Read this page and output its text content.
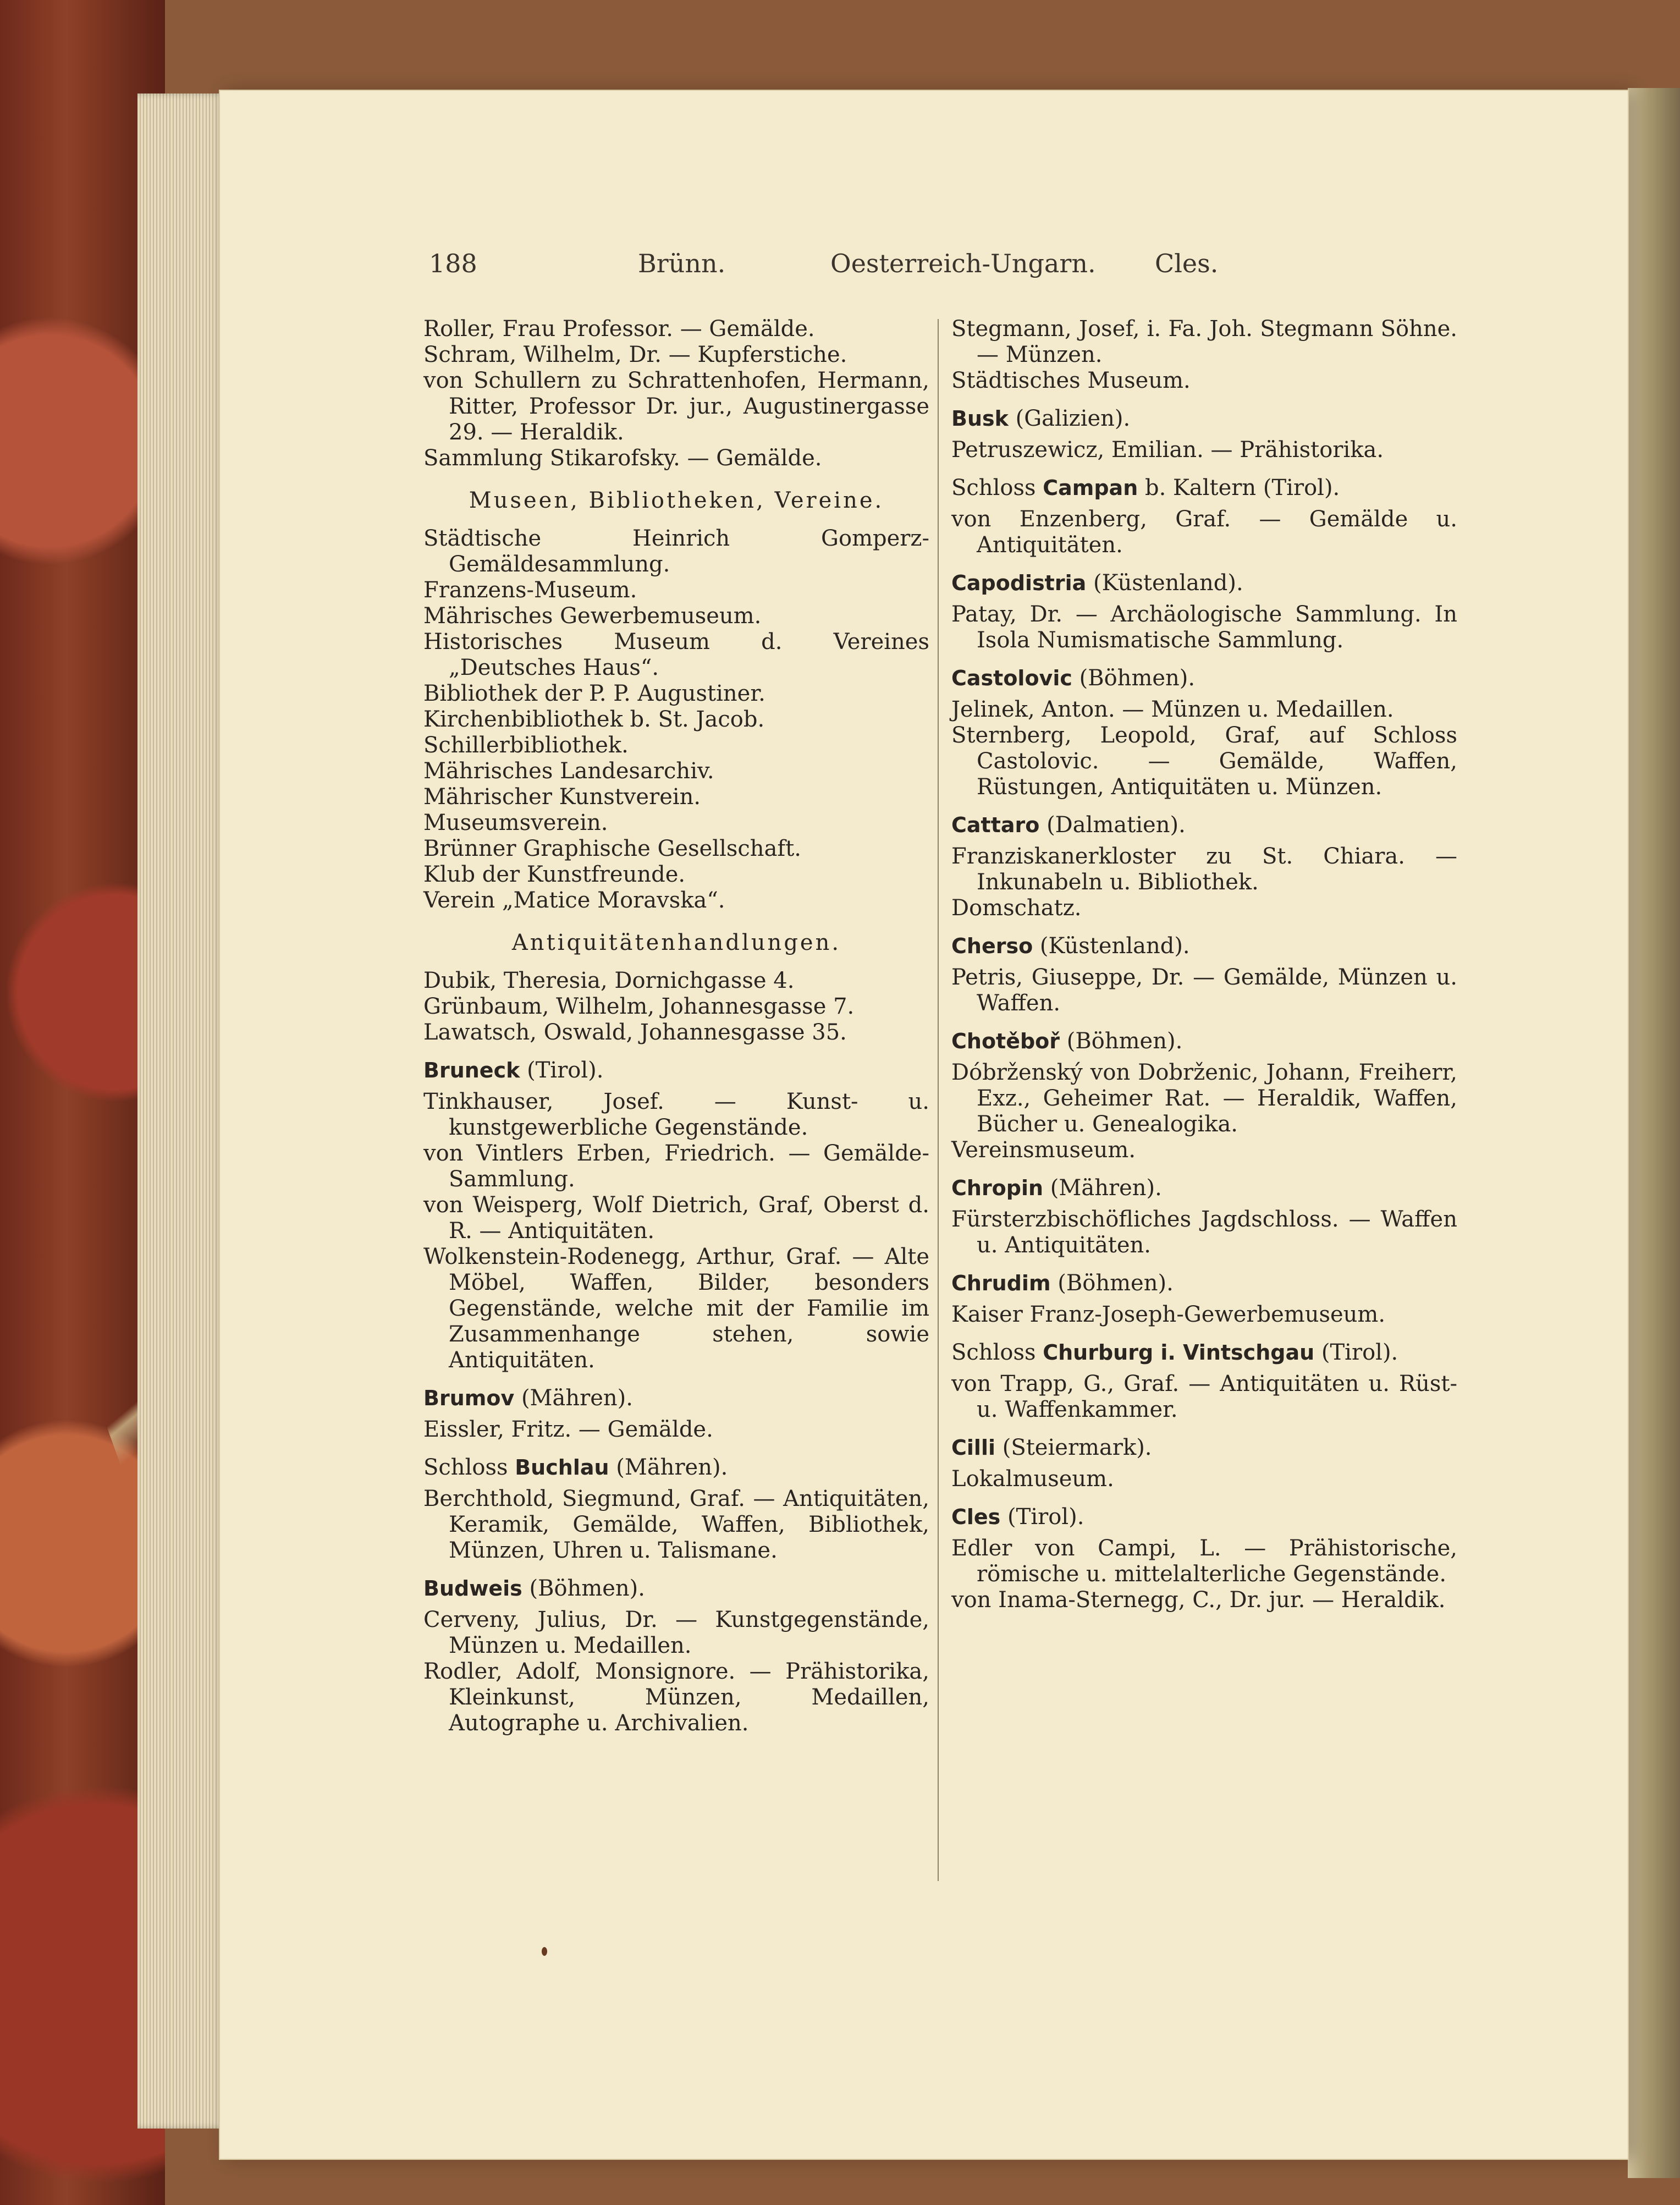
188	Brünn.	Oesterreich-Ungarn. Cles.

Roller, Frau Professor. — Gemälde.

Schram, Wilhelm, Dr. — Kupferstiche.

von Schullern zu Schrattenhofen, Hermann, Ritter, Professor Dr. jur., Augustinergasse 29. — Heraldik.

Sammlung Stikarofsky. — Gemälde.

Museen, Bibliotheken, Vereine.

Städtische Heinrich Gomperz-Gemäldesammlung.

Franzens-Museum.

Mährisches Gewerbemuseum.

Historisches Museum d. Vereines „Deutsches Haus“.

Bibliothek der P. P. Augustiner.

Kirchenbibliothek b. St. Jacob.

Schillerbibliothek.

Mährisches Landesarchiv.

Mährischer Kunstverein.

Museumsverein.

Brünner Graphische Gesellschaft.

Klub der Kunstfreunde.

Verein „Matice Moravska“.

Antiquitätenhandlungen.

Dubik, Theresia, Dornichgasse 4.

Grünbaum, Wilhelm, Johannesgasse 7.

Lawatsch, Oswald, Johannesgasse 35.

Bruneck (Tirol).

Tinkhauser, Josef. — Kunst- u. kunstgewerbliche Gegenstände.

von Vintlers Erben, Friedrich. — Gemälde-Sammlung.

von Weisperg, Wolf Dietrich, Graf, Oberst d. R. — Antiquitäten.

Wolkenstein-Rodenegg, Arthur, Graf. — Alte Möbel, Waffen, Bilder, besonders Gegenstände, welche mit der Familie im Zusammenhange stehen, sowie Antiquitäten.

Brumov (Mähren).

Eissler, Fritz. — Gemälde.

Schloss Buchlau (Mähren).

Berchthold, Siegmund, Graf. — Antiquitäten, Keramik, Gemälde, Waffen, Bibliothek, Münzen, Uhren u. Talismane.

Budweis (Böhmen).

Cerveny, Julius, Dr. — Kunstgegenstände, Münzen u. Medaillen.

Rodler, Adolf, Monsignore. — Prähistorika, Kleinkunst, Münzen, Medaillen, Autographe u. Archivalien.

Stegmann, Josef, i. Fa. Joh. Stegmann Söhne. — Münzen.

Städtisches Museum.

Busk (Galizien).

Petruszewicz, Emilian. — Prähistorika.

Schloss Campan b. Kaltern (Tirol).

von Enzenberg, Graf. — Gemälde u. Antiquitäten.

Capodistria (Küstenland).

Patay, Dr. — Archäologische Sammlung. In Isola Numismatische Sammlung.

Castolovic (Böhmen).

Jelinek, Anton. — Münzen u. Medaillen.

Sternberg, Leopold, Graf, auf Schloss Castolovic. — Gemälde, Waffen, Rüstungen, Antiquitäten u. Münzen.

Cattaro (Dalmatien).

Franziskanerkloster zu St. Chiara. — Inkunabeln u. Bibliothek.

Domschatz.

Cherso (Küstenland).

Petris, Giuseppe, Dr. — Gemälde, Münzen u. Waffen.

Chotěboř (Böhmen).

Dóbrženský von Dobrženic, Johann, Freiherr, Exz., Geheimer Rat. — Heraldik, Waffen, Bücher u. Genealogika.

Vereinsmuseum.

Chropin (Mähren).

Fürsterzbischöfliches Jagdschloss. — Waffen u. Antiquitäten.

Chrudim (Böhmen).

Kaiser Franz-Joseph-Gewerbemuseum.

Schloss Churburg i. Vintschgau (Tirol).

von Trapp, G., Graf. — Antiquitäten u. Rüst- u. Waffenkammer.

Cilli (Steiermark).

Lokalmuseum.

Cles (Tirol).

Edler von Campi, L. — Prähistorische, römische u. mittelalterliche Gegenstände.

von Inama-Sternegg, C., Dr. jur. — Heraldik.
